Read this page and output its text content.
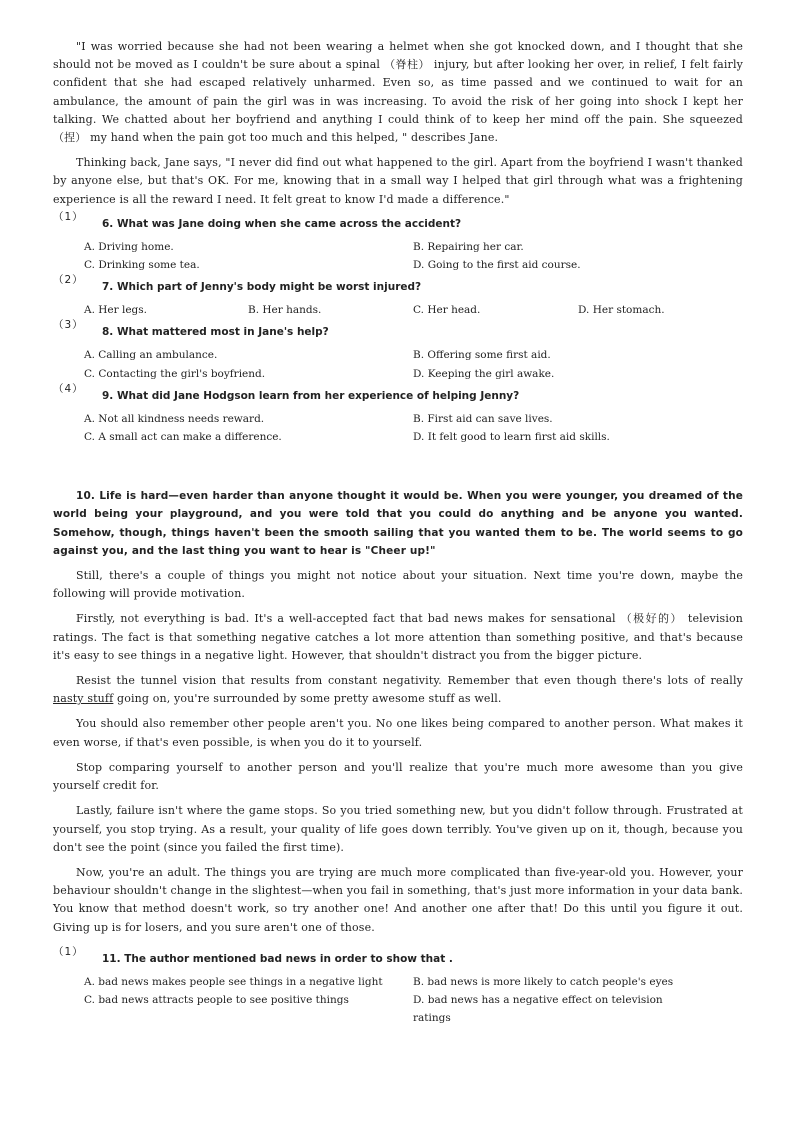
"I was worried because she had not been wearing a helmet when she got knocked down, and I thought that she should not be moved as I couldn't be sure about a spinal （脊柱） injury, but after looking her over, in relief, I felt fairly confident that she had escaped relatively unharmed. Even so, as time passed and we continued to wait for an ambulance, the amount of pain the girl was in was increasing. To avoid the risk of her going into shock I kept her talking. We chatted about her boyfriend and anything I could think of to keep her mind off the pain. She squeezed （捏） my hand when the pain got too much and this helped, " describes Jane.

Thinking back, Jane says, "I never did find out what happened to the girl. Apart from the boyfriend I wasn't thanked by anyone else, but that's OK. For me, knowing that in a small way I helped that girl through what was a frightening experience is all the reward I need. It felt great to know I'd made a difference."

（1）
6. What was Jane doing when she came across the accident?
A. Driving home.	B. Repairing her car.
C. Drinking some tea.	D. Going to the first aid course.
（2）
7. Which part of Jenny's body might be worst injured?
A. Her legs.	B. Her hands.	C. Her head.	D. Her stomach.
（3）
8. What mattered most in Jane's help?
A. Calling an ambulance.	B. Offering some first aid.
C. Contacting the girl's boyfriend.	D. Keeping the girl awake.
（4）
9. What did Jane Hodgson learn from her experience of helping Jenny?
A. Not all kindness needs reward.	B. First aid can save lives.
C. A small act can make a difference.	D. It felt good to learn first aid skills.

10. Life is hard—even harder than anyone thought it would be. When you were younger, you dreamed of the world being your playground, and you were told that you could do anything and be anyone you wanted. Somehow, though, things haven't been the smooth sailing that you wanted them to be. The world seems to go against you, and the last thing you want to hear is "Cheer up!"

Still, there's a couple of things you might not notice about your situation. Next time you're down, maybe the following will provide motivation.

Firstly, not everything is bad. It's a well-accepted fact that bad news makes for sensational （极好的） television ratings. The fact is that something negative catches a lot more attention than something positive, and that's because it's easy to see things in a negative light. However, that shouldn't distract you from the bigger picture.

Resist the tunnel vision that results from constant negativity. Remember that even though there's lots of really nasty stuff going on, you're surrounded by some pretty awesome stuff as well.

You should also remember other people aren't you. No one likes being compared to another person. What makes it even worse, if that's even possible, is when you do it to yourself.

Stop comparing yourself to another person and you'll realize that you're much more awesome than you give yourself credit for.

Lastly, failure isn't where the game stops. So you tried something new, but you didn't follow through. Frustrated at yourself, you stop trying. As a result, your quality of life goes down terribly. You've given up on it, though, because you don't see the point (since you failed the first time).

Now, you're an adult. The things you are trying are much more complicated than five-year-old you. However, your behaviour shouldn't change in the slightest—when you fail in something, that's just more information in your data bank. You know that method doesn't work, so try another one! And another one after that! Do this until you figure it out. Giving up is for losers, and you sure aren't one of those.

（1）
11. The author mentioned bad news in order to show that .
A. bad news makes people see things in a negative light	B. bad news is more likely to catch people's eyes
C. bad news attracts people to see positive things	D. bad news has a negative effect on television ratings
